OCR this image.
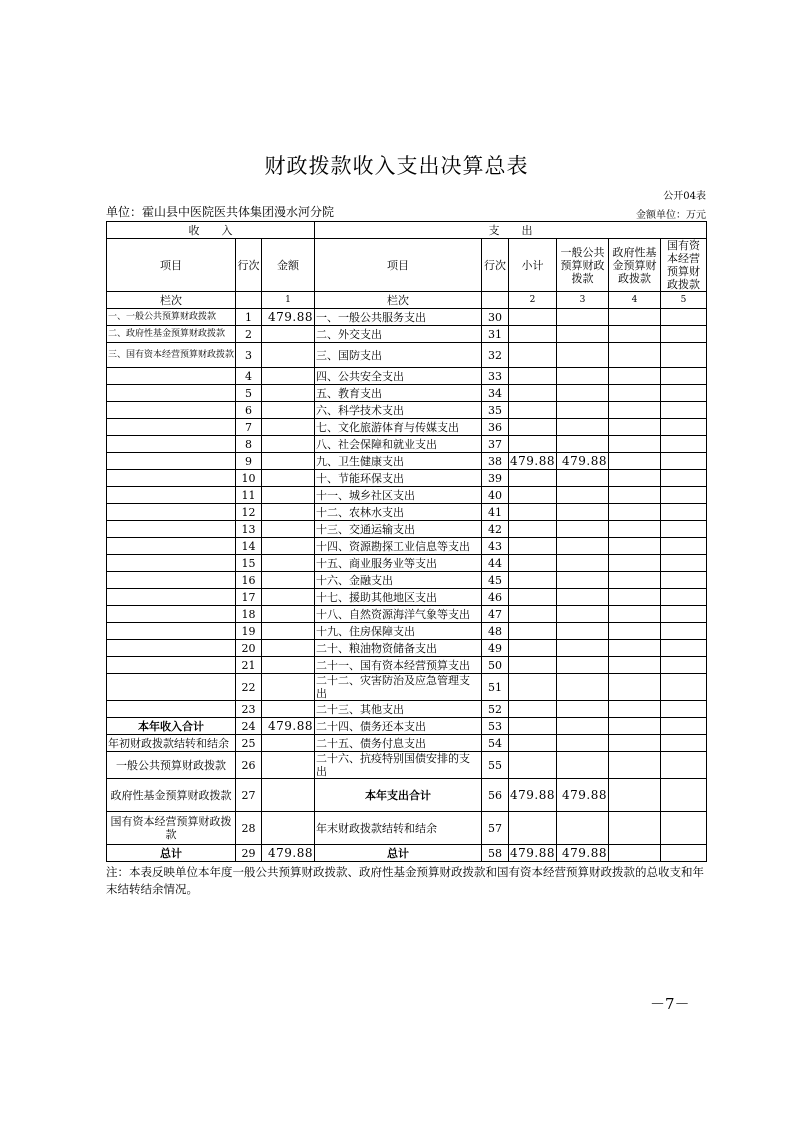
财政拨款收入支出决算总表
公开04表
单位：霍山县中医院医共体集团漫水河分院	金额单位：万元
收　　入			支　　出					
项目	行次	金额	项目	行次	小计	一般公共预算财政拨款	政府性基金预算财政拨款	国有资本经营预算财政拨款
栏次		1	栏次		2	3	4	5
一、一般公共预算财政拨款	1	479.88	一、一般公共服务支出	30				
二、政府性基金预算财政拨款	2		二、外交支出	31				
三、国有资本经营预算财政拨款	3		三、国防支出	32				
	4		四、公共安全支出	33				
	5		五、教育支出	34				
	6		六、科学技术支出	35				
	7		七、文化旅游体育与传媒支出	36				
	8		八、社会保障和就业支出	37				
	9		九、卫生健康支出	38	479.88	479.88		
	10		十、节能环保支出	39				
	11		十一、城乡社区支出	40				
	12		十二、农林水支出	41				
	13		十三、交通运输支出	42				
	14		十四、资源勘探工业信息等支出	43				
	15		十五、商业服务业等支出	44				
	16		十六、金融支出	45				
	17		十七、援助其他地区支出	46				
	18		十八、自然资源海洋气象等支出	47				
	19		十九、住房保障支出	48				
	20		二十、粮油物资储备支出	49				
	21		二十一、国有资本经营预算支出	50				
	22		二十二、灾害防治及应急管理支出	51				
	23		二十三、其他支出	52				
本年收入合计	24	479.88	二十四、债务还本支出	53				
年初财政拨款结转和结余	25		二十五、债务付息支出	54				
一般公共预算财政拨款	26		二十六、抗疫特别国债安排的支出	55				
政府性基金预算财政拨款	27		本年支出合计	56	479.88	479.88		
国有资本经营预算财政拨款	28		年末财政拨款结转和结余	57				
总计	29	479.88	总计	58	479.88	479.88		
注：本表反映单位本年度一般公共预算财政拨款、政府性基金预算财政拨款和国有资本经营预算财政拨款的总收支和年末结转结余情况。
－7－
